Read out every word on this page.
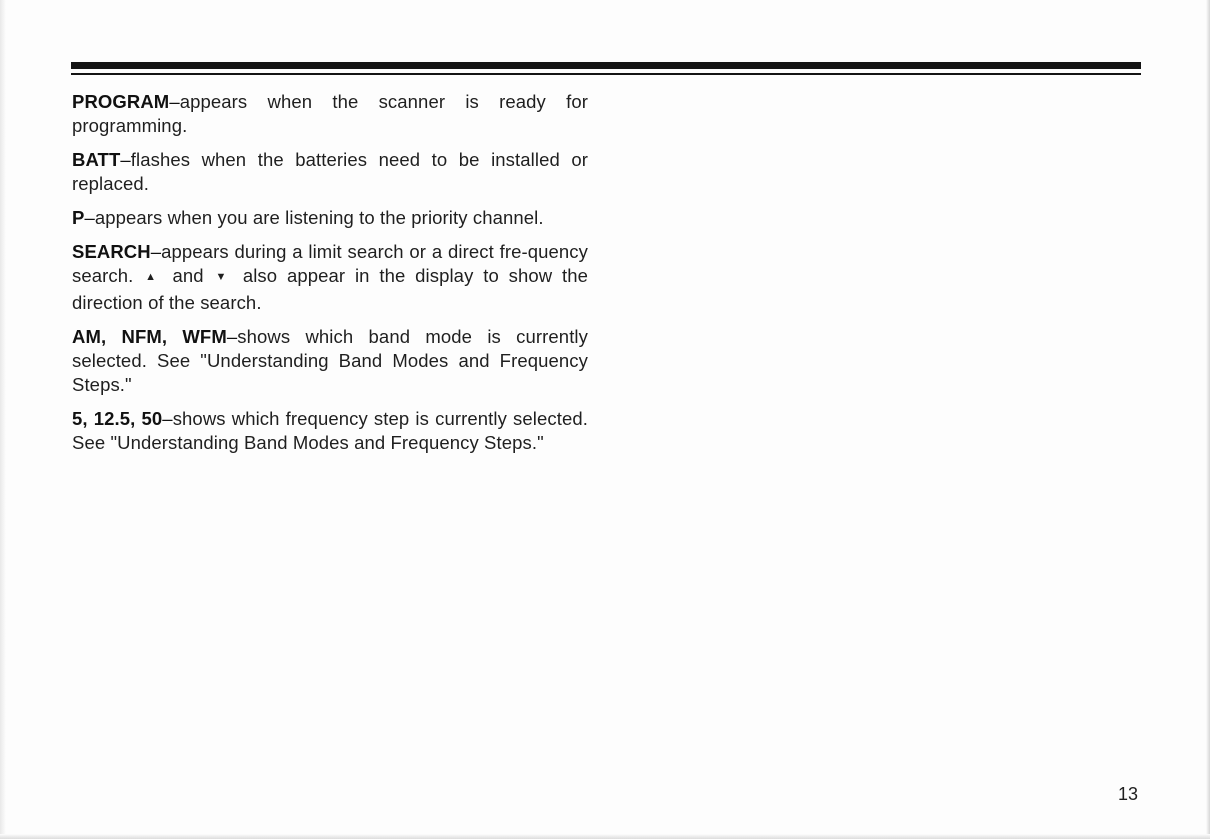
PROGRAM–appears when the scanner is ready for programming.

BATT–flashes when the batteries need to be installed or replaced.

P–appears when you are listening to the priority channel.

SEARCH–appears during a limit search or a direct fre-quency search. ▲ and ▼ also appear in the display to show the direction of the search.

AM, NFM, WFM–shows which band mode is currently selected. See "Understanding Band Modes and Frequency Steps."

5, 12.5, 50–shows which frequency step is currently selected. See "Understanding Band Modes and Frequency Steps."

13
